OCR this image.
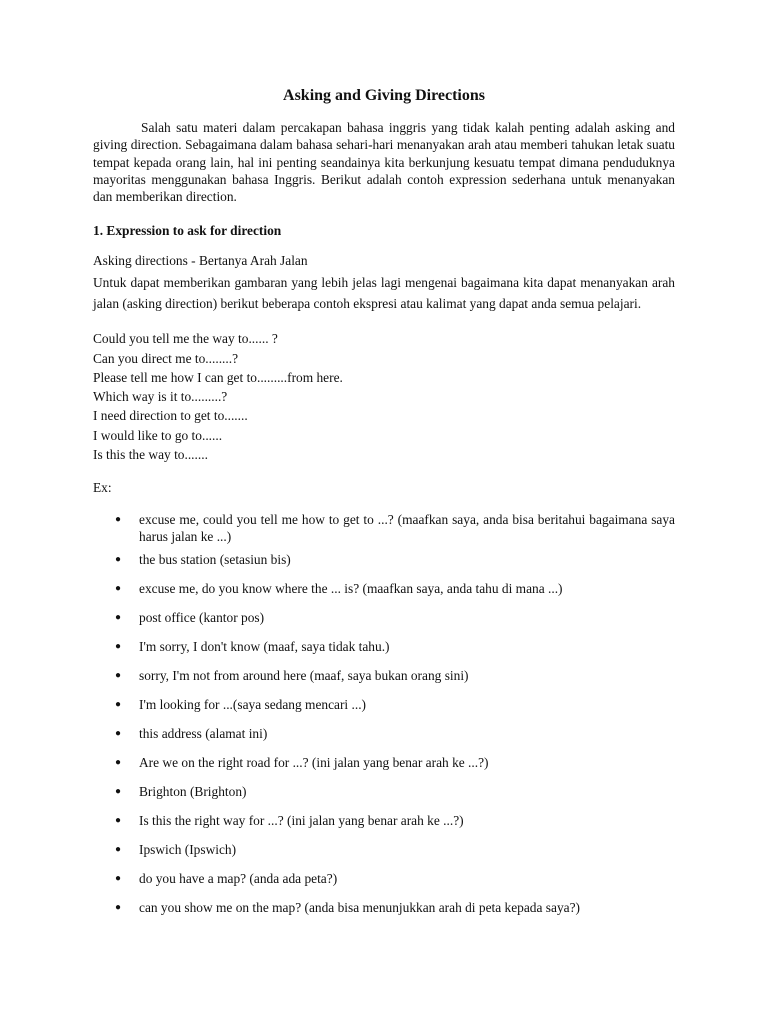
Asking and Giving Directions

Salah satu materi dalam percakapan bahasa inggris yang tidak kalah penting adalah asking and giving direction. Sebagaimana dalam bahasa sehari-hari menanyakan arah atau memberi tahukan letak suatu tempat kepada orang lain, hal ini penting seandainya kita berkunjung kesuatu tempat dimana penduduknya mayoritas menggunakan bahasa Inggris. Berikut adalah contoh expression sederhana untuk menanyakan dan memberikan direction.

1. Expression to ask for direction

Asking directions - Bertanya Arah Jalan

Untuk dapat memberikan gambaran yang lebih jelas lagi mengenai bagaimana kita dapat menanyakan arah jalan (asking direction) berikut beberapa contoh ekspresi atau kalimat yang dapat anda semua pelajari.

Could you tell me the way to...... ?
Can you direct me to........?
Please tell me how I can get to.........from here.
Which way is it to.........?
I need direction to get to.......
I would like to go to......
Is this the way to.......

Ex:

● excuse me, could you tell me how to get to ...? (maafkan saya, anda bisa beritahui bagaimana saya harus jalan ke ...)
● the bus station (setasiun bis)
● excuse me, do you know where the ... is? (maafkan saya, anda tahu di mana ...)
● post office (kantor pos)
● I'm sorry, I don't know (maaf, saya tidak tahu.)
● sorry, I'm not from around here (maaf, saya bukan orang sini)
● I'm looking for ...(saya sedang mencari ...)
● this address (alamat ini)
● Are we on the right road for ...? (ini jalan yang benar arah ke ...?)
● Brighton (Brighton)
● Is this the right way for ...? (ini jalan yang benar arah ke ...?)
● Ipswich (Ipswich)
● do you have a map? (anda ada peta?)
● can you show me on the map? (anda bisa menunjukkan arah di peta kepada saya?)
